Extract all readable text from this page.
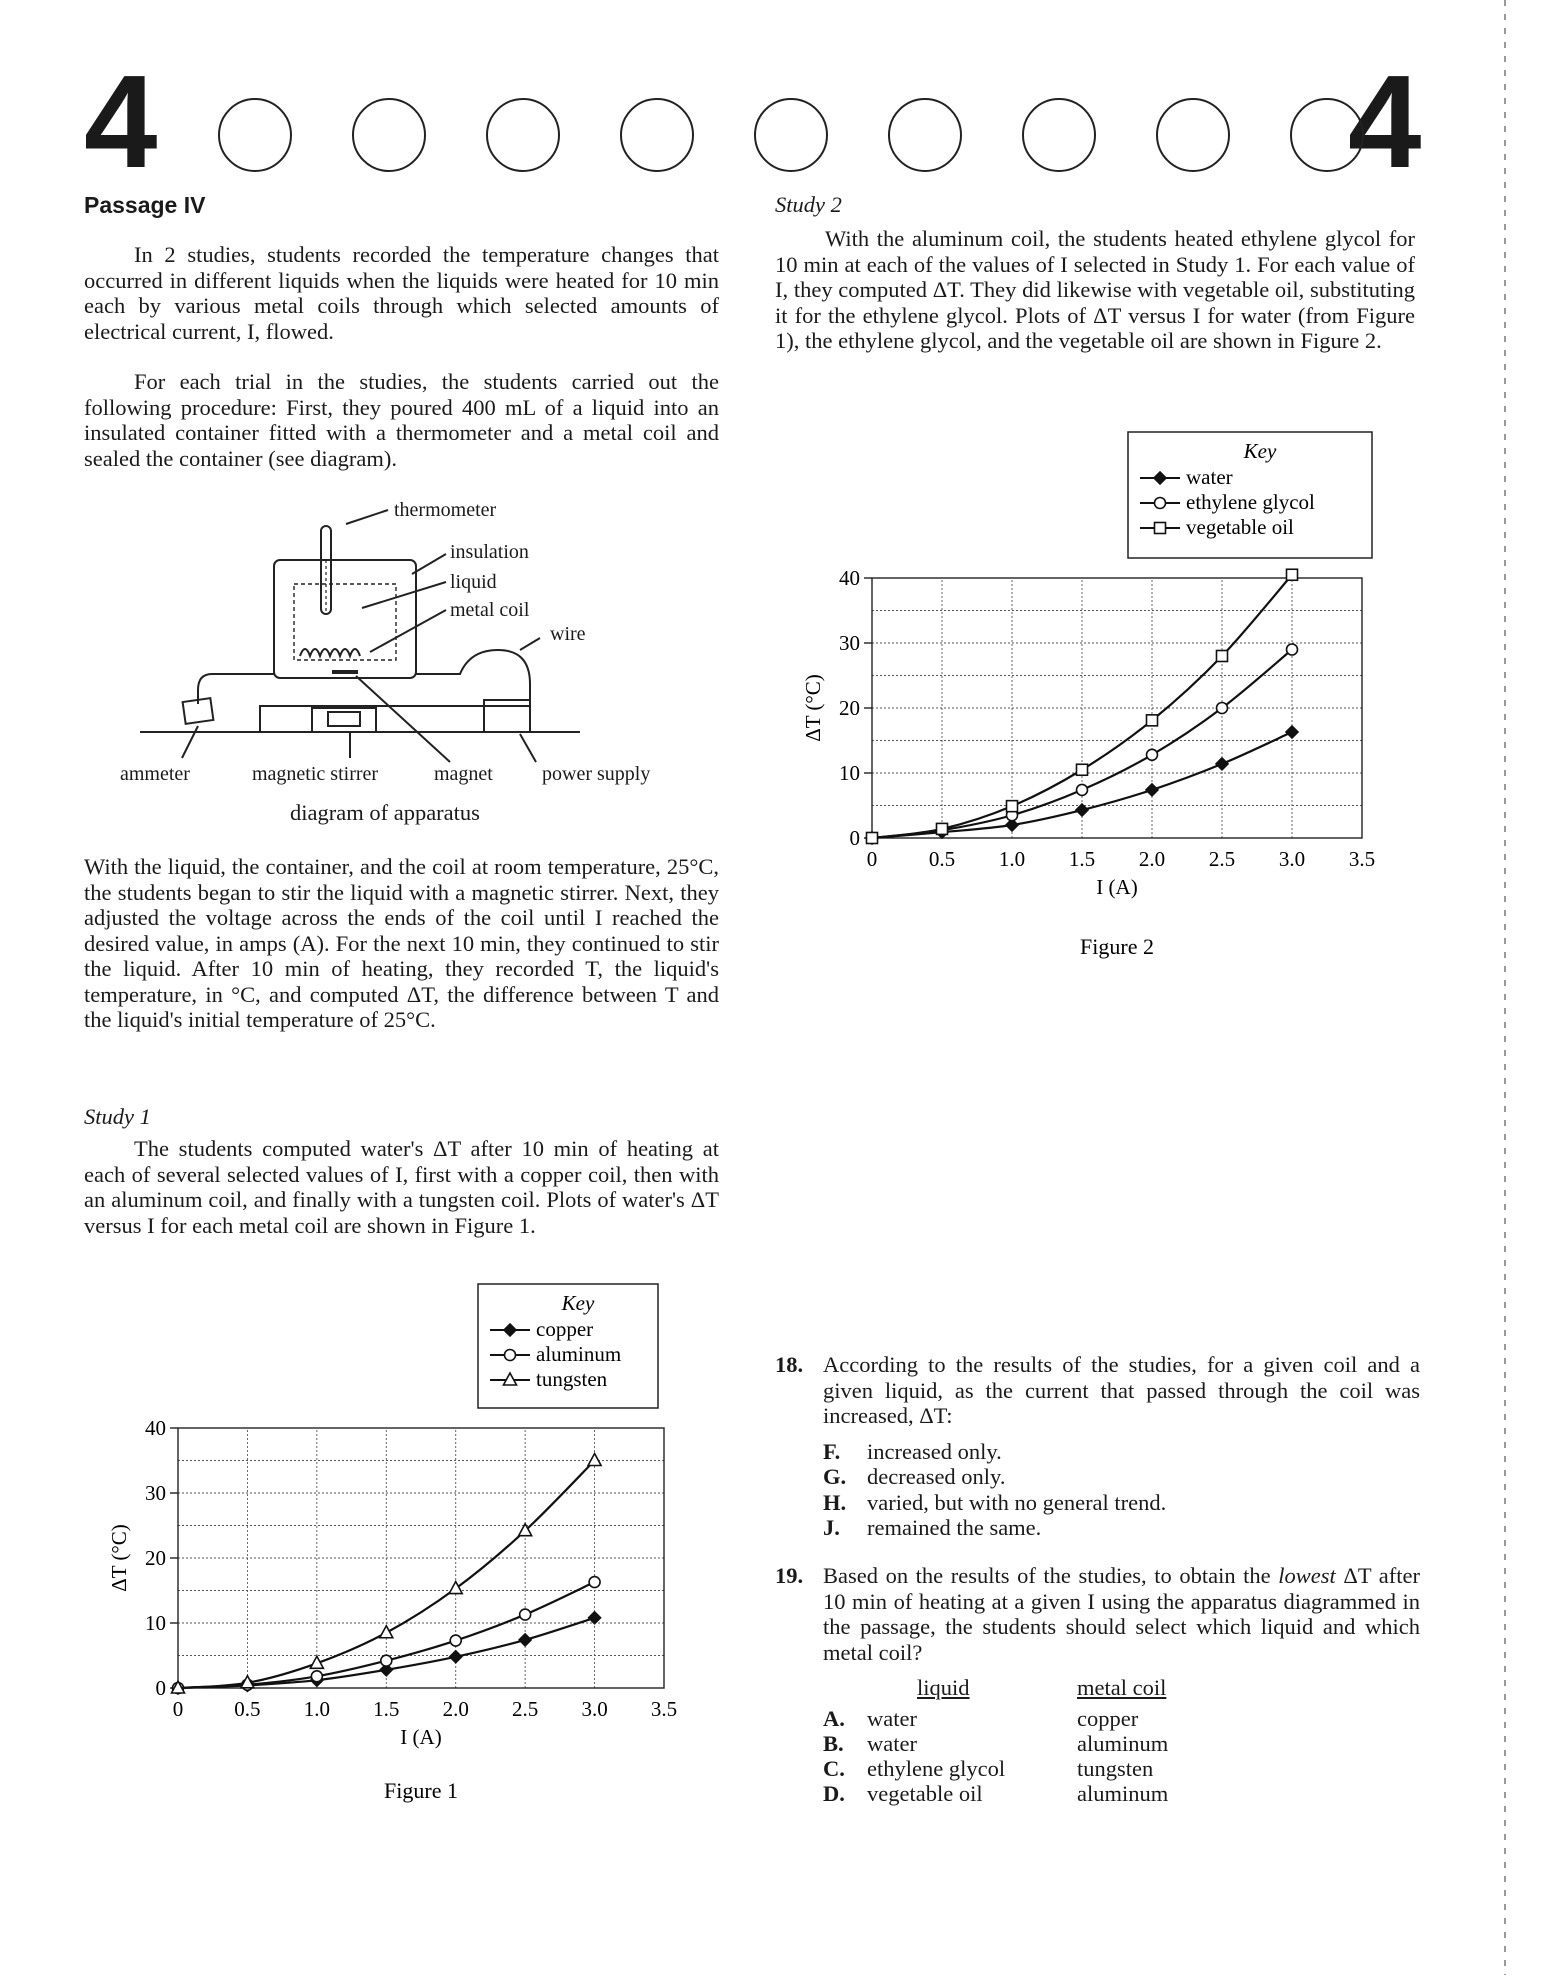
4	4
Passage IV

In 2 studies, students recorded the temperature changes that occurred in different liquids when the liquids were heated for 10 min each by various metal coils through which selected amounts of electrical current, I, flowed.

For each trial in the studies, the students carried out the following procedure: First, they poured 400 mL of a liquid into an insulated container fitted with a thermometer and a metal coil and sealed the container (see diagram).

thermometer
insulation
liquid
metal coil
wire
ammeter	magnetic stirrer	magnet power supply
diagram of apparatus

With the liquid, the container, and the coil at room temperature, 25°C, the students began to stir the liquid with a magnetic stirrer. Next, they adjusted the voltage across the ends of the coil until I reached the desired value, in amps (A). For the next 10 min, they continued to stir the liquid. After 10 min of heating, they recorded T, the liquid's temperature, in °C, and computed ΔT, the difference between T and the liquid's initial temperature of 25°C.

Study 1

The students computed water's ΔT after 10 min of heating at each of several selected values of I, first with a copper coil, then with an aluminum coil, and finally with a tungsten coil. Plots of water's ΔT versus I for each metal coil are shown in Figure 1.

Key
copper
aluminum
tungsten
0
10
20
30
40
0 0.5 1.0 1.5 2.0 2.5 3.0 3.5
I (A)
ΔT (°C)
Figure 1
Study 2

With the aluminum coil, the students heated ethylene glycol for 10 min at each of the values of I selected in Study 1. For each value of I, they computed ΔT. They did likewise with vegetable oil, substituting it for the ethylene glycol. Plots of ΔT versus I for water (from Figure 1), the ethylene glycol, and the vegetable oil are shown in Figure 2.

Key
water
ethylene glycol
vegetable oil
0
10
20
30
40
0 0.5 1.0 1.5 2.0 2.5 3.0 3.5
I (A)
ΔT (°C)
Figure 2
18. According to the results of the studies, for a given coil and a given liquid, as the current that passed through the coil was increased, ΔT:
F. increased only.
G. decreased only.
H. varied, but with no general trend.
J. remained the same.
19. Based on the results of the studies, to obtain the lowest ΔT after 10 min of heating at a given I using the apparatus diagrammed in the passage, the students should select which liquid and which metal coil?
liquid	metal coil
A. water	copper
B.	water	aluminum
C. ethylene glycol	tungsten
D. vegetable oil	aluminum
